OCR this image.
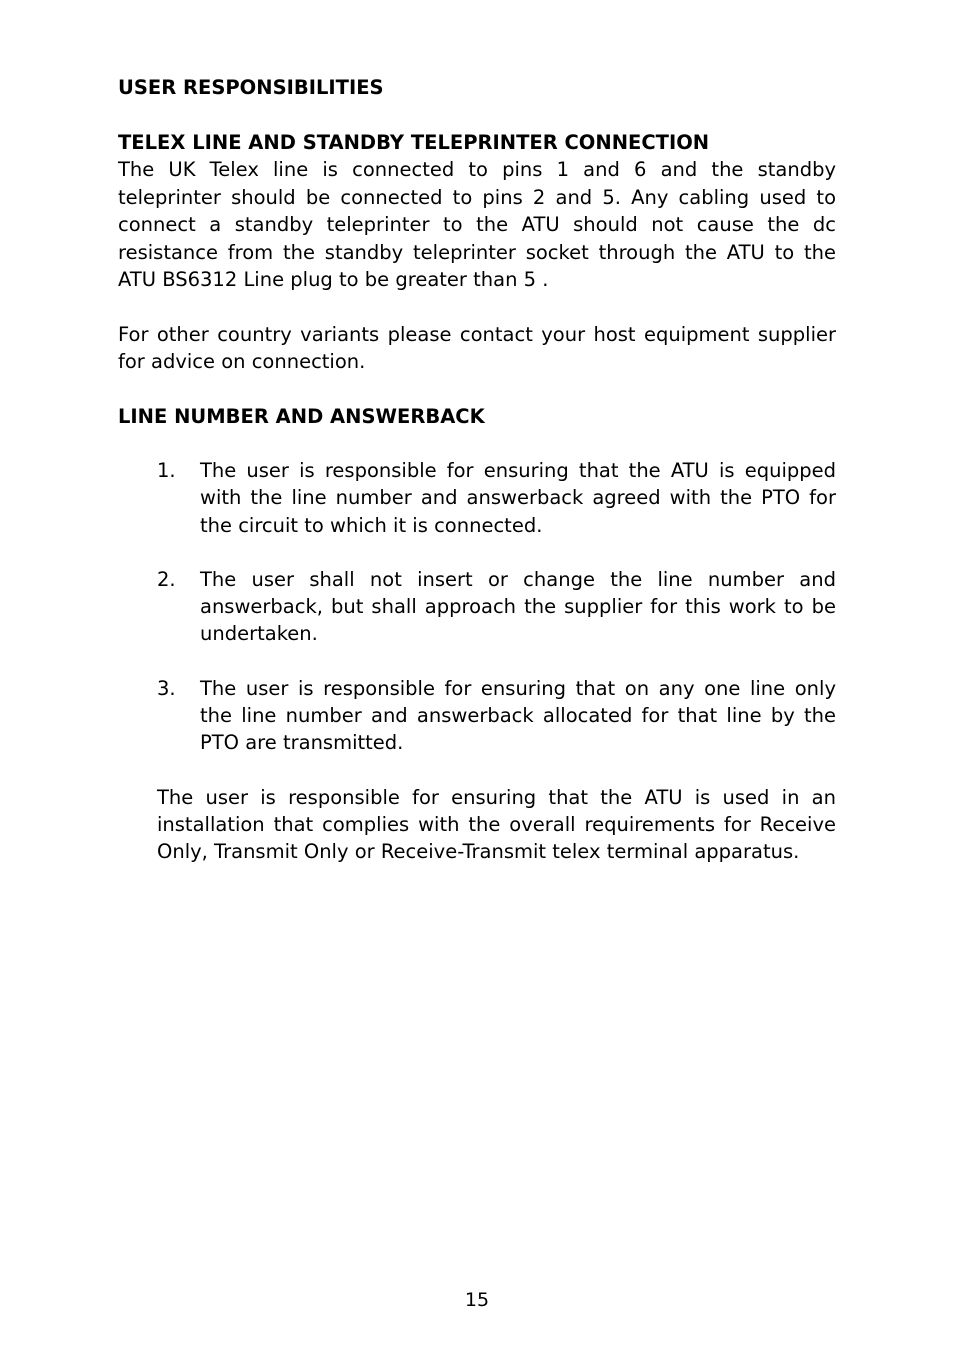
USER RESPONSIBILITIES
TELEX LINE AND STANDBY TELEPRINTER CONNECTION

The UK Telex line is connected to pins 1 and 6 and the standby teleprinter should be connected to pins 2 and 5. Any cabling used to connect a standby teleprinter to the ATU should not cause the dc resistance from the standby teleprinter socket through the ATU to the ATU BS6312 Line plug to be greater than 5 .

For other country variants please contact your host equipment supplier for advice on connection.

LINE NUMBER AND ANSWERBACK
1. The user is responsible for ensuring that the ATU is equipped with the line number and answerback agreed with the PTO for the circuit to which it is connected.
2. The user shall not insert or change the line number and answerback, but shall approach the supplier for this work to be undertaken.
3. The user is responsible for ensuring that on any one line only the line number and answerback allocated for that line by the PTO are transmitted.

The user is responsible for ensuring that the ATU is used in an installation that complies with the overall requirements for Receive Only, Transmit Only or Receive-Transmit telex terminal apparatus.

15
